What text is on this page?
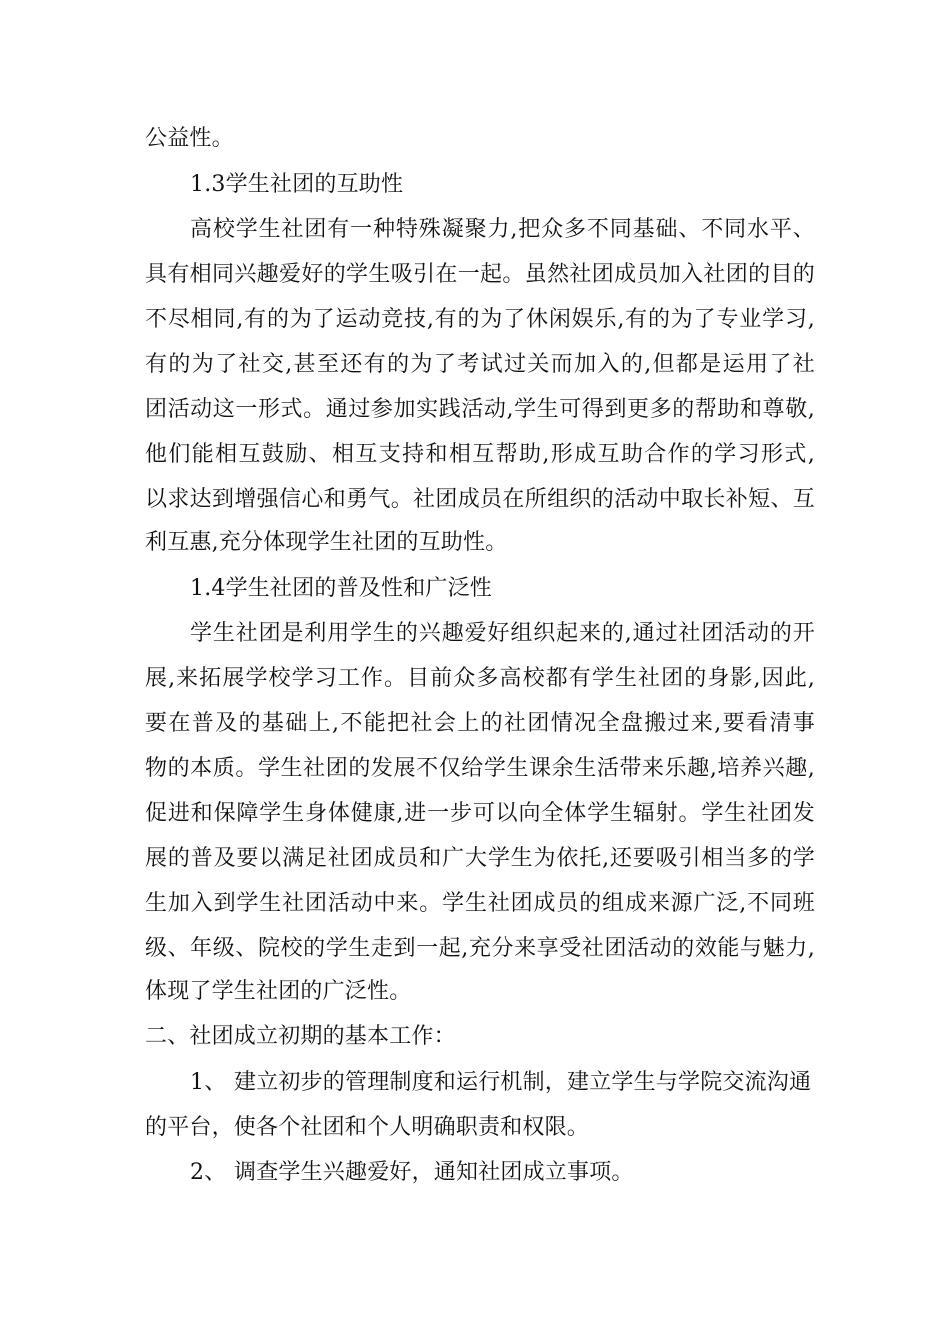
公益性。
1.3学生社团的互助性
高校学生社团有一种特殊凝聚力,把众多不同基础、不同水平、
具有相同兴趣爱好的学生吸引在一起。虽然社团成员加入社团的目的
不尽相同,有的为了运动竞技,有的为了休闲娱乐,有的为了专业学习,
有的为了社交,甚至还有的为了考试过关而加入的,但都是运用了社
团活动这一形式。通过参加实践活动,学生可得到更多的帮助和尊敬,
他们能相互鼓励、相互支持和相互帮助,形成互助合作的学习形式,
以求达到增强信心和勇气。社团成员在所组织的活动中取长补短、互
利互惠,充分体现学生社团的互助性。
1.4学生社团的普及性和广泛性
学生社团是利用学生的兴趣爱好组织起来的,通过社团活动的开
展,来拓展学校学习工作。目前众多高校都有学生社团的身影,因此,
要在普及的基础上,不能把社会上的社团情况全盘搬过来,要看清事
物的本质。学生社团的发展不仅给学生课余生活带来乐趣,培养兴趣,
促进和保障学生身体健康,进一步可以向全体学生辐射。学生社团发
展的普及要以满足社团成员和广大学生为依托,还要吸引相当多的学
生加入到学生社团活动中来。学生社团成员的组成来源广泛,不同班
级、年级、院校的学生走到一起,充分来享受社团活动的效能与魅力,
体现了学生社团的广泛性。
二、社团成立初期的基本工作：
1、 建立初步的管理制度和运行机制，建立学生与学院交流沟通
的平台，使各个社团和个人明确职责和权限。
2、 调查学生兴趣爱好，通知社团成立事项。
